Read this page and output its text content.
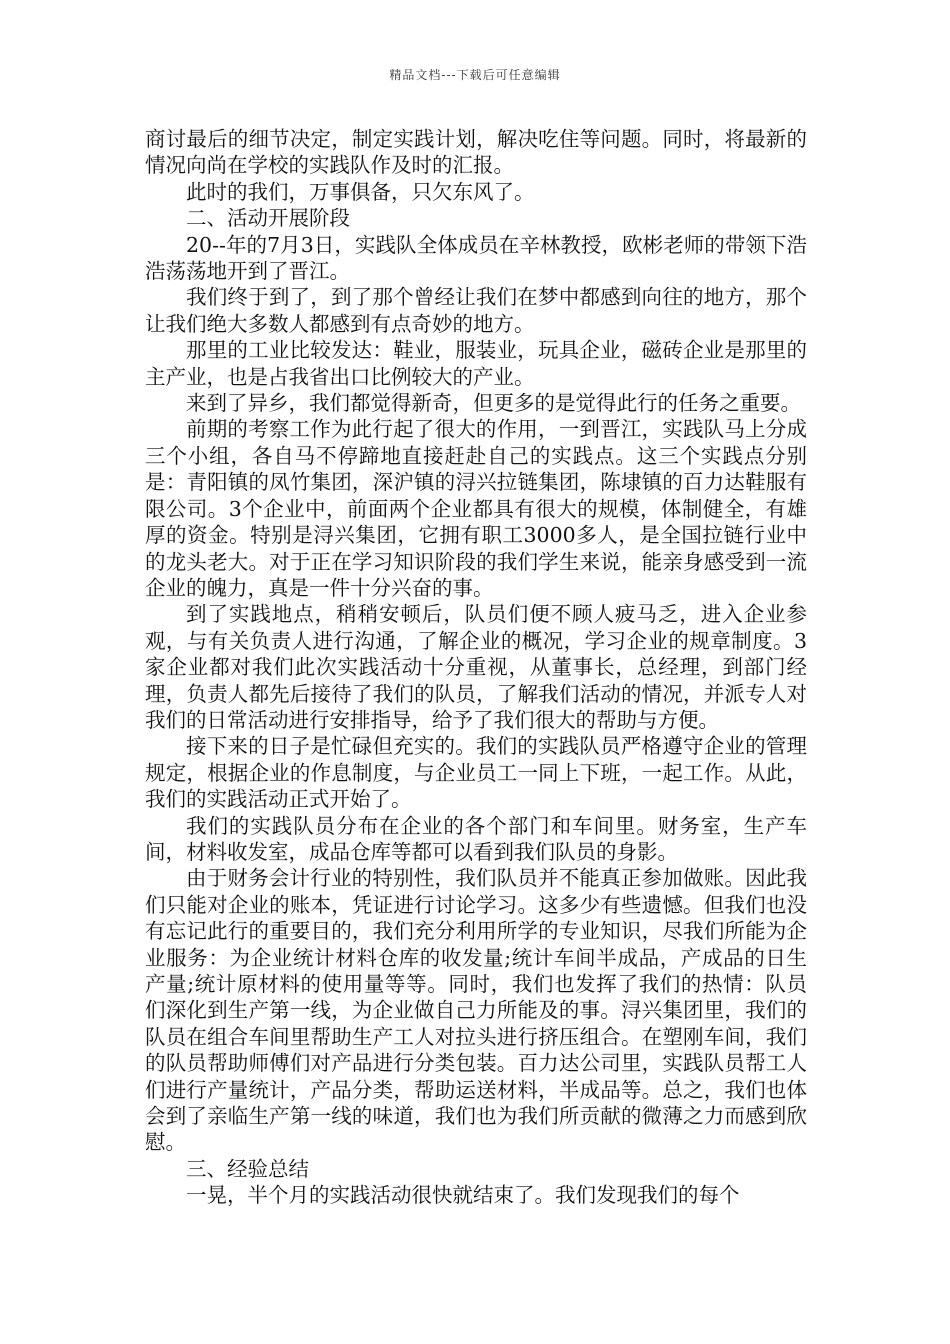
精品文档---下载后可任意编辑

商讨最后的细节决定，制定实践计划，解决吃住等问题。同时，将最新的情况向尚在学校的实践队作及时的汇报。

此时的我们，万事俱备，只欠东风了。

二、活动开展阶段

20--年的7月3日，实践队全体成员在辛林教授，欧彬老师的带领下浩浩荡荡地开到了晋江。

我们终于到了，到了那个曾经让我们在梦中都感到向往的地方，那个让我们绝大多数人都感到有点奇妙的地方。

那里的工业比较发达：鞋业，服装业，玩具企业，磁砖企业是那里的主产业，也是占我省出口比例较大的产业。

来到了异乡，我们都觉得新奇，但更多的是觉得此行的任务之重要。

前期的考察工作为此行起了很大的作用，一到晋江，实践队马上分成三个小组，各自马不停蹄地直接赶赴自己的实践点。这三个实践点分别是：青阳镇的凤竹集团，深沪镇的浔兴拉链集团，陈埭镇的百力达鞋服有限公司。3个企业中，前面两个企业都具有很大的规模，体制健全，有雄厚的资金。特别是浔兴集团，它拥有职工3000多人，是全国拉链行业中的龙头老大。对于正在学习知识阶段的我们学生来说，能亲身感受到一流企业的魄力，真是一件十分兴奋的事。

到了实践地点，稍稍安顿后，队员们便不顾人疲马乏，进入企业参观，与有关负责人进行沟通，了解企业的概况，学习企业的规章制度。3家企业都对我们此次实践活动十分重视，从董事长，总经理，到部门经理，负责人都先后接待了我们的队员，了解我们活动的情况，并派专人对我们的日常活动进行安排指导，给予了我们很大的帮助与方便。

接下来的日子是忙碌但充实的。我们的实践队员严格遵守企业的管理规定，根据企业的作息制度，与企业员工一同上下班，一起工作。从此，我们的实践活动正式开始了。

我们的实践队员分布在企业的各个部门和车间里。财务室，生产车间，材料收发室，成品仓库等都可以看到我们队员的身影。

由于财务会计行业的特别性，我们队员并不能真正参加做账。因此我们只能对企业的账本，凭证进行讨论学习。这多少有些遗憾。但我们也没有忘记此行的重要目的，我们充分利用所学的专业知识，尽我们所能为企业服务：为企业统计材料仓库的收发量;统计车间半成品，产成品的日生产量;统计原材料的使用量等等。同时，我们也发挥了我们的热情：队员们深化到生产第一线，为企业做自己力所能及的事。浔兴集团里，我们的队员在组合车间里帮助生产工人对拉头进行挤压组合。在塑刚车间，我们的队员帮助师傅们对产品进行分类包装。百力达公司里，实践队员帮工人们进行产量统计，产品分类，帮助运送材料，半成品等。总之，我们也体会到了亲临生产第一线的味道，我们也为我们所贡献的微薄之力而感到欣慰。

三、经验总结

一晃，半个月的实践活动很快就结束了。我们发现我们的每个
